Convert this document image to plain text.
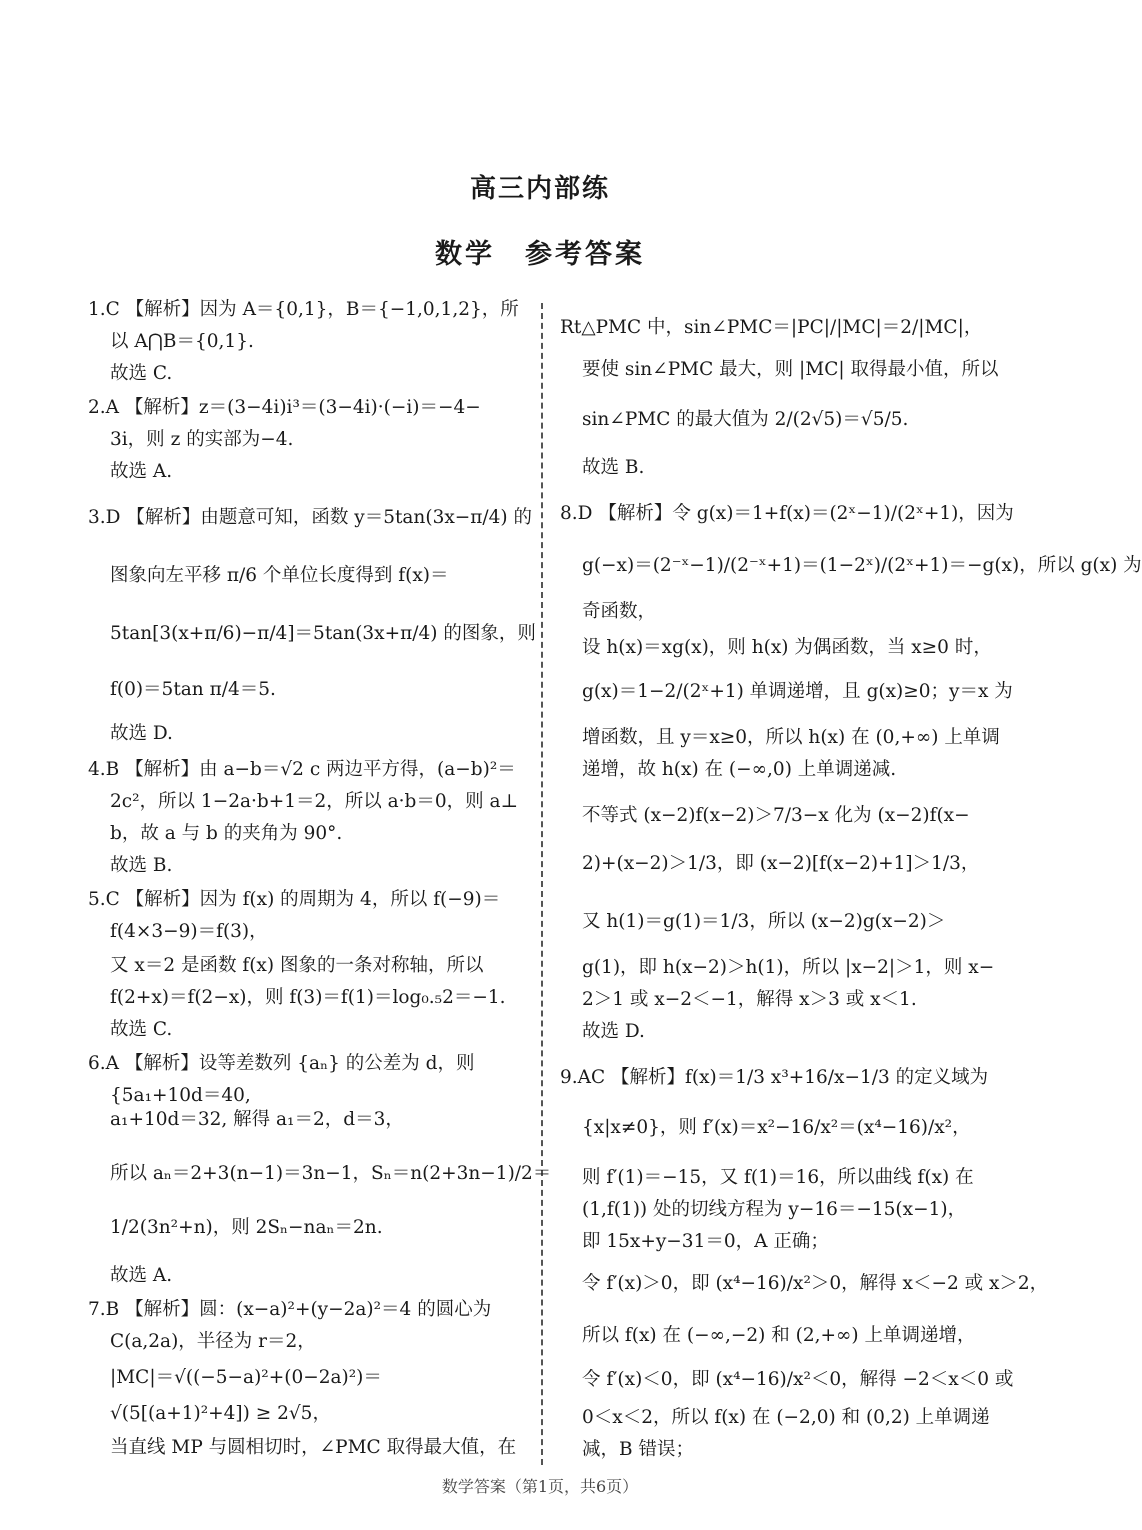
高三内部练
数学　参考答案
1.C 【解析】因为 A＝{0,1}，B＝{−1,0,1,2}，所
以 A⋂B＝{0,1}.
故选 C.
2.A 【解析】z＝(3−4i)i³＝(3−4i)·(−i)＝−4−
3i，则 z 的实部为−4.
故选 A.
3.D 【解析】由题意可知，函数 y＝5tan(3x−π/4) 的
图象向左平移 π/6 个单位长度得到 f(x)＝
5tan[3(x+π/6)−π/4]＝5tan(3x+π/4) 的图象，则
f(0)＝5tan π/4＝5.
故选 D.
4.B 【解析】由 a−b＝√2 c 两边平方得，(a−b)²＝
2c²，所以 1−2a·b+1＝2，所以 a·b＝0，则 a⊥
b，故 a 与 b 的夹角为 90°.
故选 B.
5.C 【解析】因为 f(x) 的周期为 4，所以 f(−9)＝
f(4×3−9)＝f(3)，
又 x＝2 是函数 f(x) 图象的一条对称轴，所以
f(2+x)＝f(2−x)，则 f(3)＝f(1)＝log₀.₅2＝−1.
故选 C.
6.A 【解析】设等差数列 {aₙ} 的公差为 d，则
{5a₁+10d＝40,
a₁+10d＝32, 解得 a₁＝2，d＝3，
所以 aₙ＝2+3(n−1)＝3n−1，Sₙ＝n(2+3n−1)/2＝
1/2(3n²+n)，则 2Sₙ−naₙ＝2n.
故选 A.
7.B 【解析】圆：(x−a)²+(y−2a)²＝4 的圆心为
C(a,2a)，半径为 r＝2，
|MC|＝√((−5−a)²+(0−2a)²)＝
√(5[(a+1)²+4]) ≥ 2√5，
当直线 MP 与圆相切时，∠PMC 取得最大值，在
Rt△PMC 中，sin∠PMC＝|PC|/|MC|＝2/|MC|，
要使 sin∠PMC 最大，则 |MC| 取得最小值，所以
sin∠PMC 的最大值为 2/(2√5)＝√5/5.
故选 B.
8.D 【解析】令 g(x)＝1+f(x)＝(2ˣ−1)/(2ˣ+1)，因为
g(−x)＝(2⁻ˣ−1)/(2⁻ˣ+1)＝(1−2ˣ)/(2ˣ+1)＝−g(x)，所以 g(x) 为
奇函数，
设 h(x)＝xg(x)，则 h(x) 为偶函数，当 x≥0 时，
g(x)＝1−2/(2ˣ+1) 单调递增，且 g(x)≥0；y＝x 为
增函数，且 y＝x≥0，所以 h(x) 在 (0,+∞) 上单调
递增，故 h(x) 在 (−∞,0) 上单调递减.
不等式 (x−2)f(x−2)＞7/3−x 化为 (x−2)f(x−
2)+(x−2)＞1/3，即 (x−2)[f(x−2)+1]＞1/3，
又 h(1)＝g(1)＝1/3，所以 (x−2)g(x−2)＞
g(1)，即 h(x−2)＞h(1)，所以 |x−2|＞1，则 x−
2＞1 或 x−2＜−1，解得 x＞3 或 x＜1.
故选 D.
9.AC 【解析】f(x)＝1/3 x³+16/x−1/3 的定义域为
{x|x≠0}，则 f′(x)＝x²−16/x²＝(x⁴−16)/x²，
则 f′(1)＝−15，又 f(1)＝16，所以曲线 f(x) 在
(1,f(1)) 处的切线方程为 y−16＝−15(x−1)，
即 15x+y−31＝0，A 正确；
令 f′(x)＞0，即 (x⁴−16)/x²＞0，解得 x＜−2 或 x＞2，
所以 f(x) 在 (−∞,−2) 和 (2,+∞) 上单调递增，
令 f′(x)＜0，即 (x⁴−16)/x²＜0，解得 −2＜x＜0 或
0＜x＜2，所以 f(x) 在 (−2,0) 和 (0,2) 上单调递
减，B 错误；
数学答案（第1页，共6页）
